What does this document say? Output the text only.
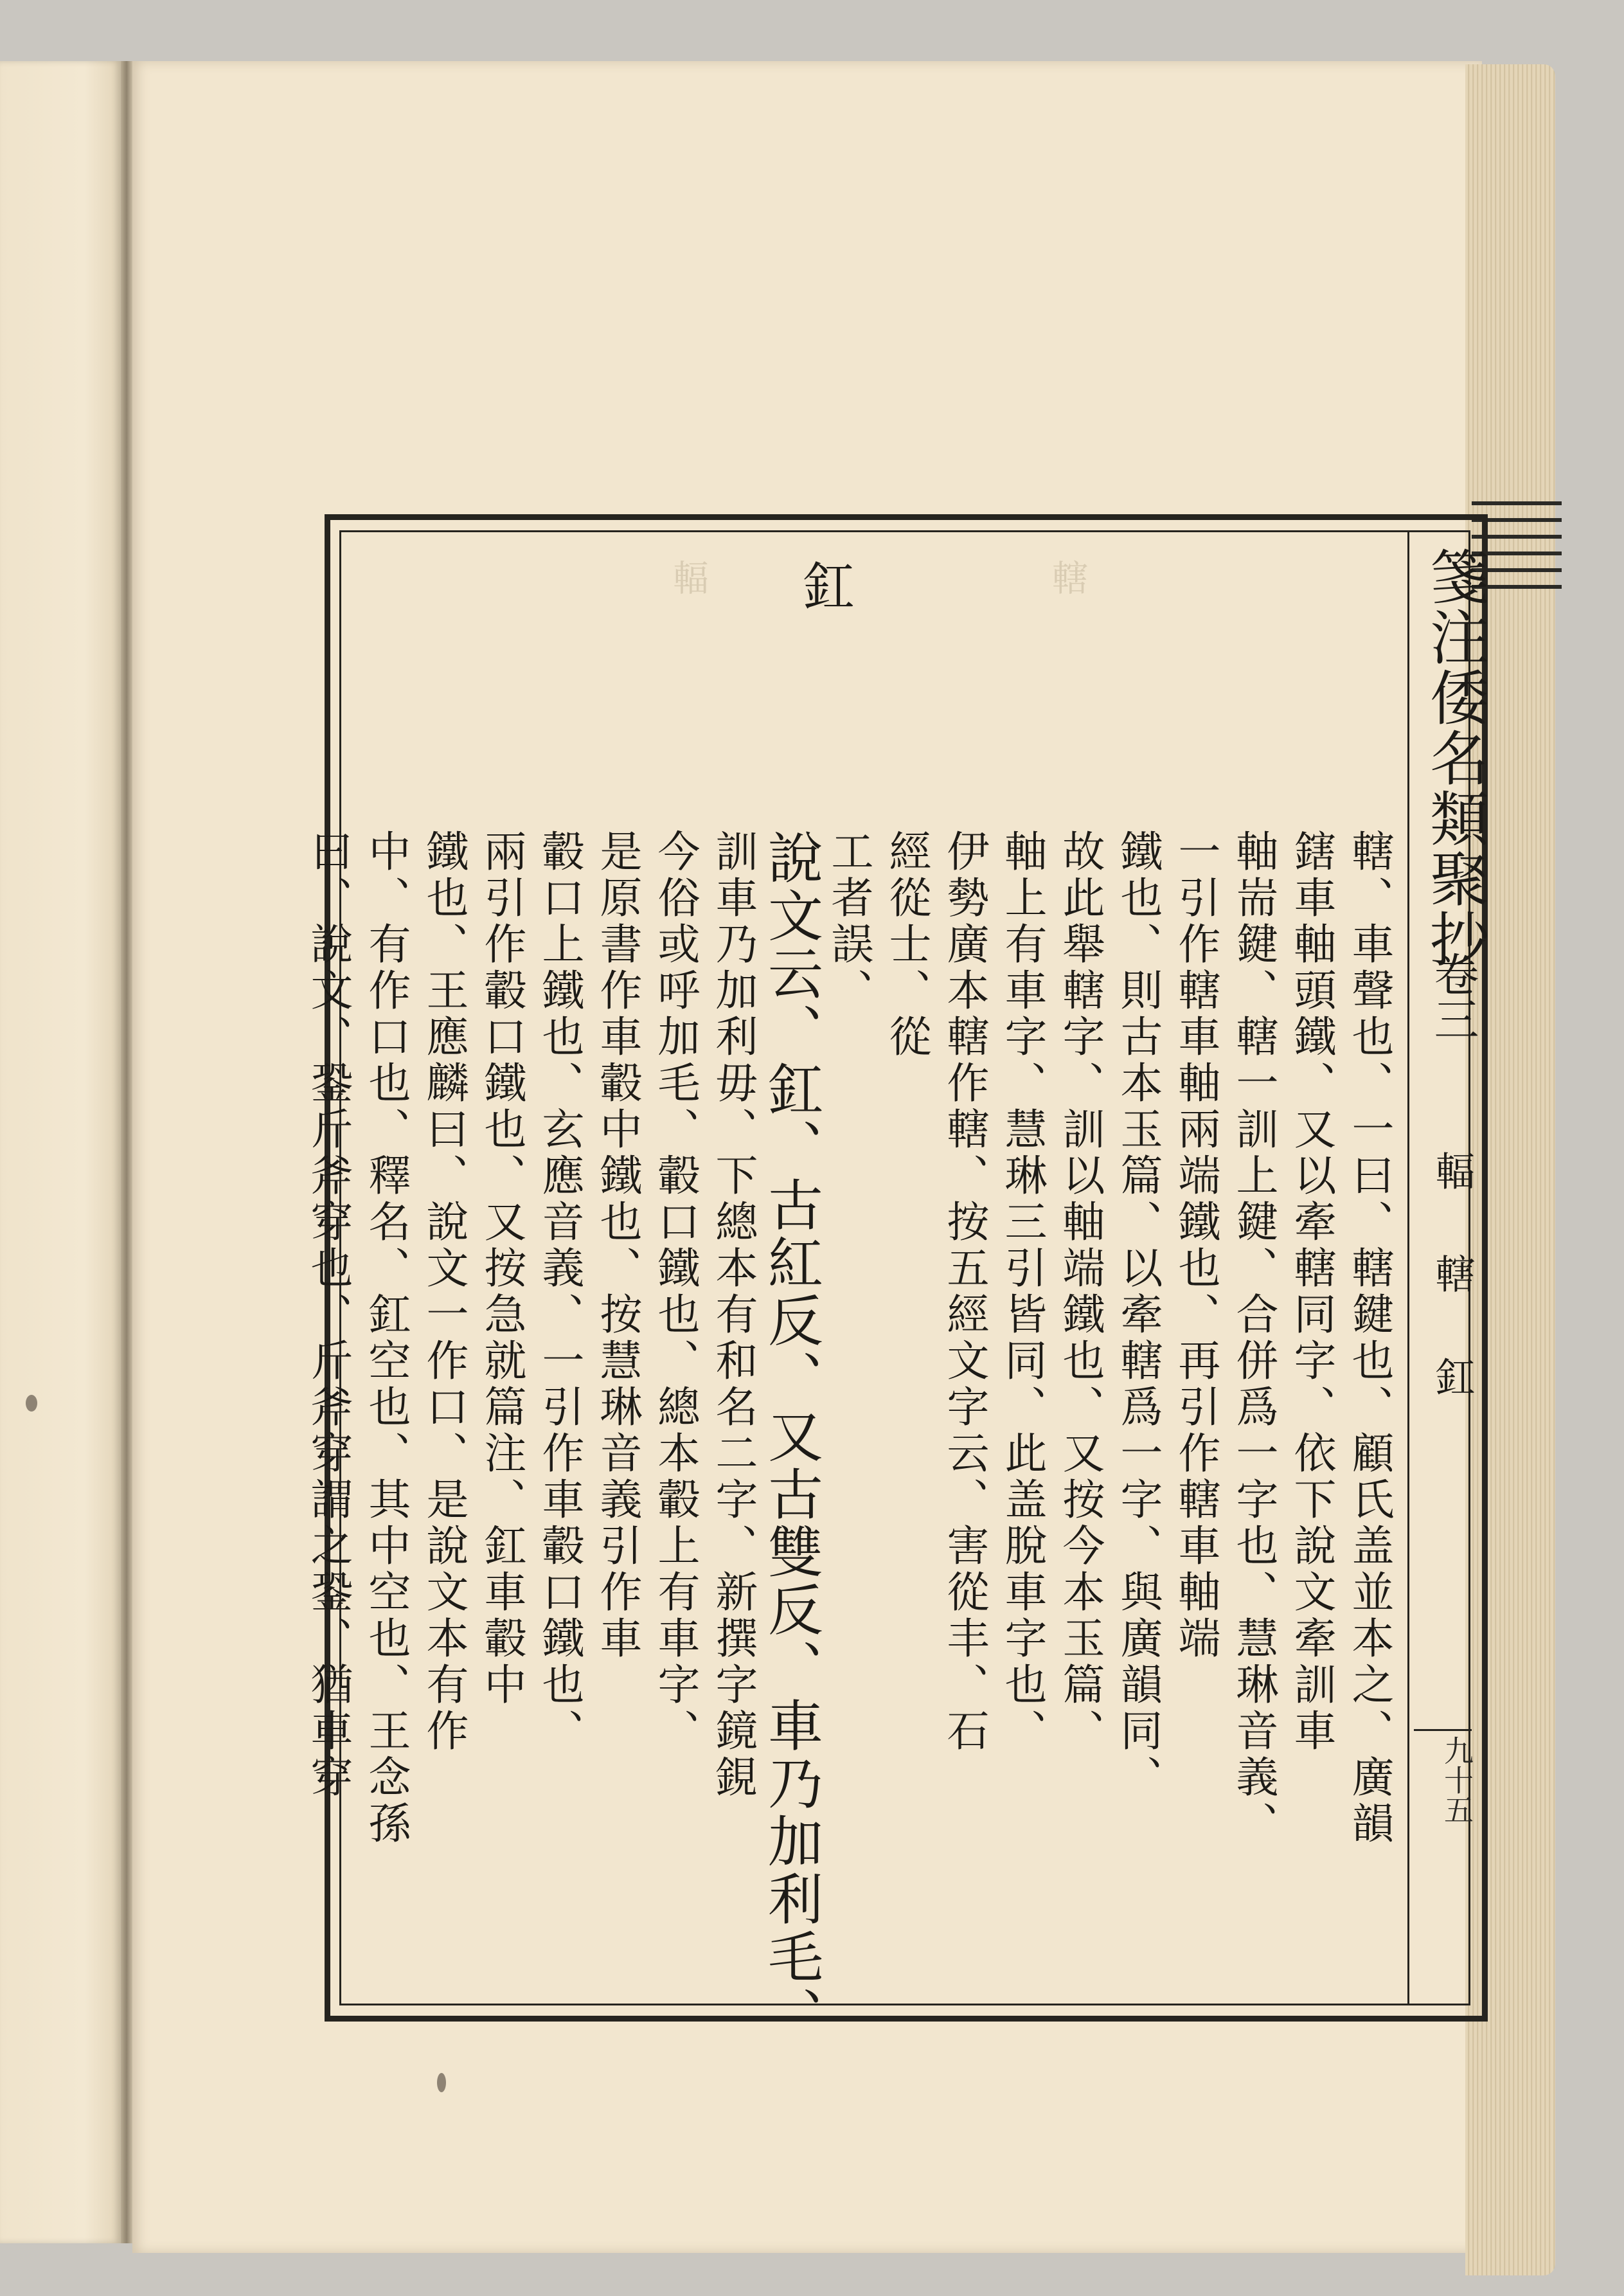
箋注倭名類聚抄
卷三
輻　轄　釭
九十五
轄
輻 釭
轄、車聲也、一曰、轄鍵也、顧氏盖並本之、廣韻
鎋車軸頭鐵、又以牽轄同字、依下說文牽訓車
軸耑鍵、轄一訓上鍵、合併爲一字也、慧琳音義、
一引作轄車軸兩端鐵也、再引作轄車軸端
鐵也、則古本玉篇、以牽轄爲一字、與廣韻同、
故此舉轄字、訓以軸端鐵也、又按今本玉篇、
軸上有車字、慧琳三引皆同、此盖脫車字也、
伊勢廣本轄作轄、按五經文字云、害從丰、石
經從士、從
工者誤、
說文云、釭、古紅反、又古雙反、車乃加利毛、
訓車乃加利毋、下總本有和名二字、新撰字鏡鋧
今俗或呼加毛、轂口鐵也、總本轂上有車字、
是原書作車轂中鐵也、按慧琳音義引作車
轂口上鐵也、玄應音義、一引作車轂口鐵也、
兩引作轂口鐵也、又按急就篇注、釭車轂中
鐵也、王應麟曰、說文一作口、是說文本有作
中、有作口也、釋名、釭空也、其中空也、王念孫
曰、說文、銎斤斧穿也、斤斧穿謂之銎、猶車穿
